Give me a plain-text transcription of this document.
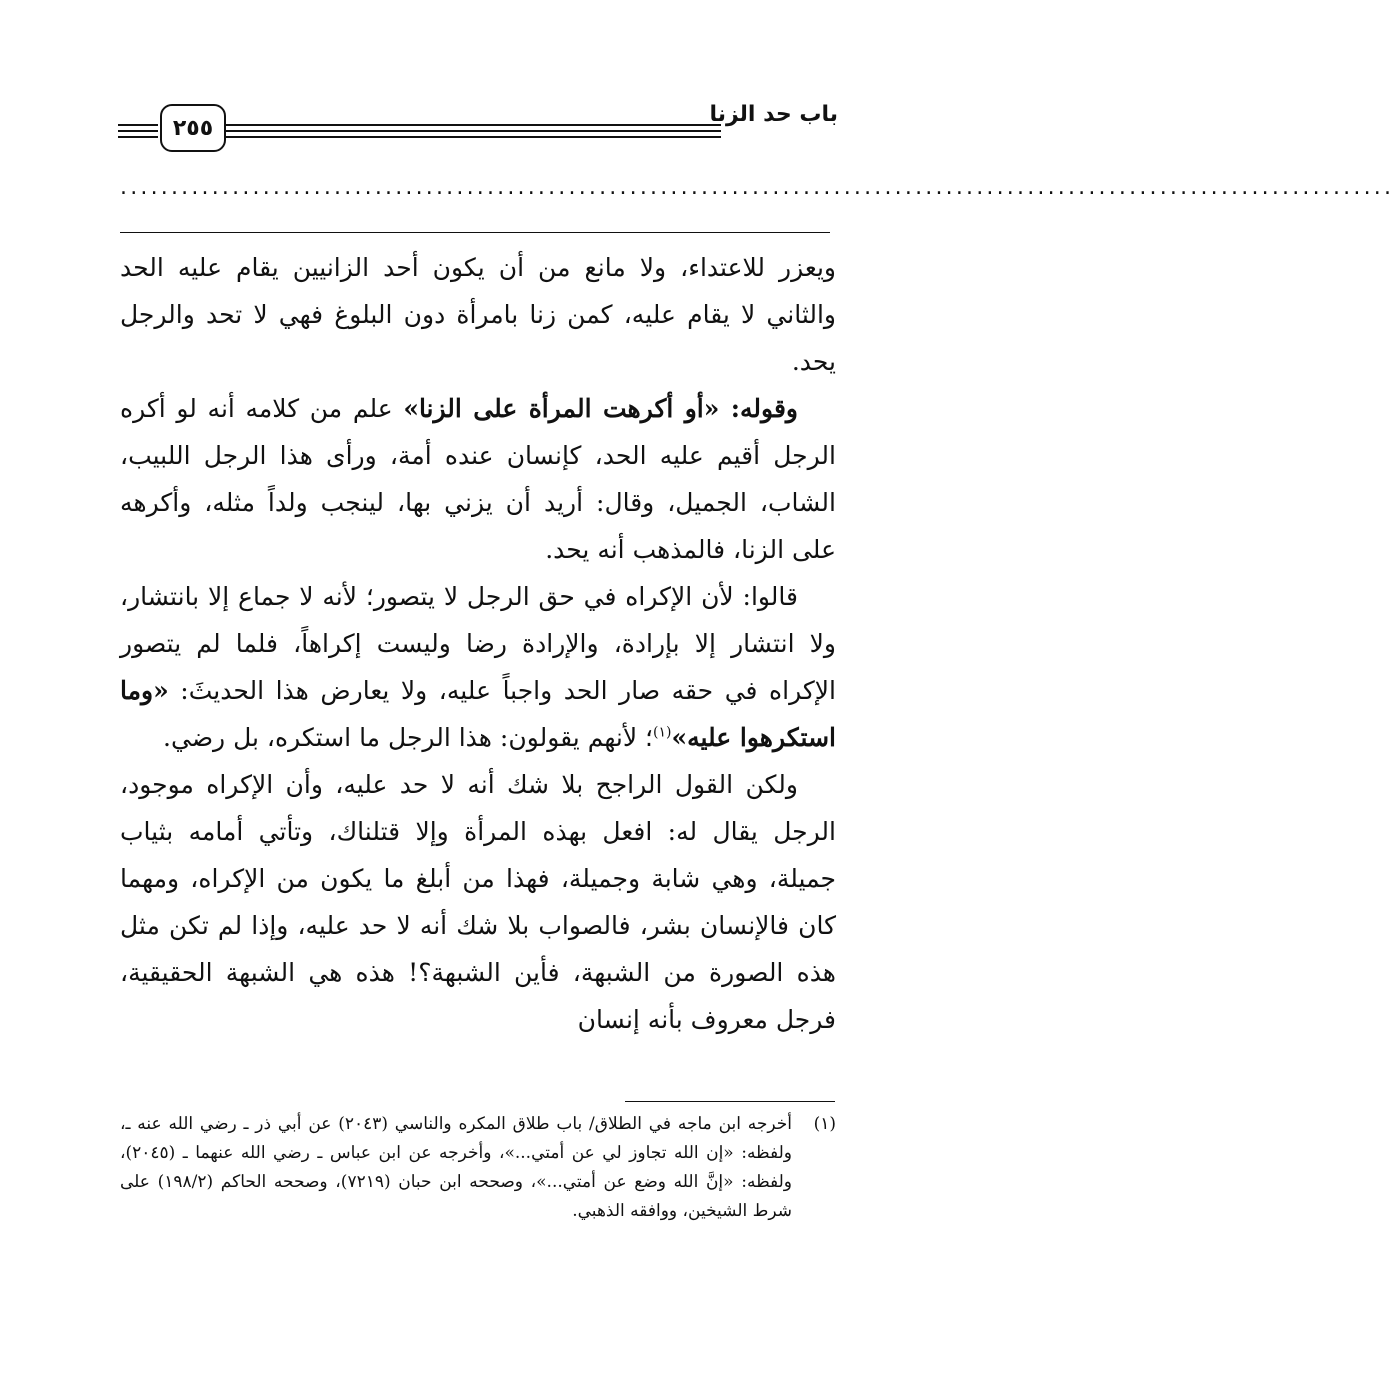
٢٥٥
باب حد الزنا
.............................................................................................................................

ويعزر للاعتداء، ولا مانع من أن يكون أحد الزانيين يقام عليه الحد والثاني لا يقام عليه، كمن زنا بامرأة دون البلوغ فهي لا تحد والرجل يحد.

وقوله: «أو أكرهت المرأة على الزنا» علم من كلامه أنه لو أكره الرجل أقيم عليه الحد، كإنسان عنده أمة، ورأى هذا الرجل اللبيب، الشاب، الجميل، وقال: أريد أن يزني بها، لينجب ولداً مثله، وأكرهه على الزنا، فالمذهب أنه يحد.

قالوا: لأن الإكراه في حق الرجل لا يتصور؛ لأنه لا جماع إلا بانتشار، ولا انتشار إلا بإرادة، والإرادة رضا وليست إكراهاً، فلما لم يتصور الإكراه في حقه صار الحد واجباً عليه، ولا يعارض هذا الحديثَ: «وما استكرهوا عليه»$^{(١)}$؛ لأنهم يقولون: هذا الرجل ما استكره، بل رضي.

ولكن القول الراجح بلا شك أنه لا حد عليه، وأن الإكراه موجود، الرجل يقال له: افعل بهذه المرأة وإلا قتلناك، وتأتي أمامه بثياب جميلة، وهي شابة وجميلة، فهذا من أبلغ ما يكون من الإكراه، ومهما كان فالإنسان بشر، فالصواب بلا شك أنه لا حد عليه، وإذا لم تكن مثل هذه الصورة من الشبهة، فأين الشبهة؟! هذه هي الشبهة الحقيقية، فرجل معروف بأنه إنسان

(١)
أخرجه ابن ماجه في الطلاق/ باب طلاق المكره والناسي (٢٠٤٣) عن أبي ذر ـ رضي الله عنه ـ، ولفظه: «إن الله تجاوز لي عن أمتي...»، وأخرجه عن ابن عباس ـ رضي الله عنهما ـ (٢٠٤٥)، ولفظه: «إنَّ الله وضع عن أمتي...»، وصححه ابن حبان (٧٢١٩)، وصححه الحاكم (١٩٨/٢) على شرط الشيخين، ووافقه الذهبي.
